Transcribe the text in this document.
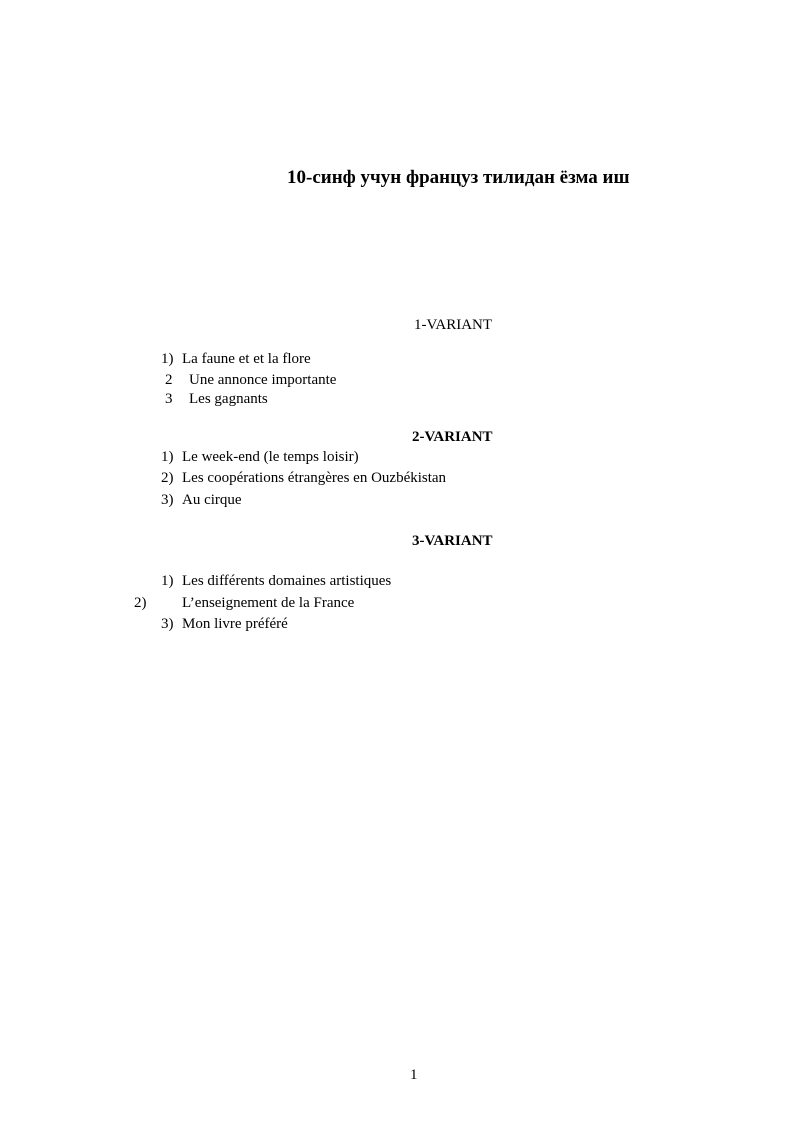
10-синф учун француз тилидан ёзма иш
1-VARIANT
1) La faune et et la flore
2 Une annonce importante
3 Les gagnants
2-VARIANT
1) Le week-end (le temps loisir)
2) Les coopérations étrangères en Ouzbékistan
3) Au cirque
3-VARIANT
1) Les différents domaines artistiques
2) L’enseignement de la France
3) Mon livre préféré
1
